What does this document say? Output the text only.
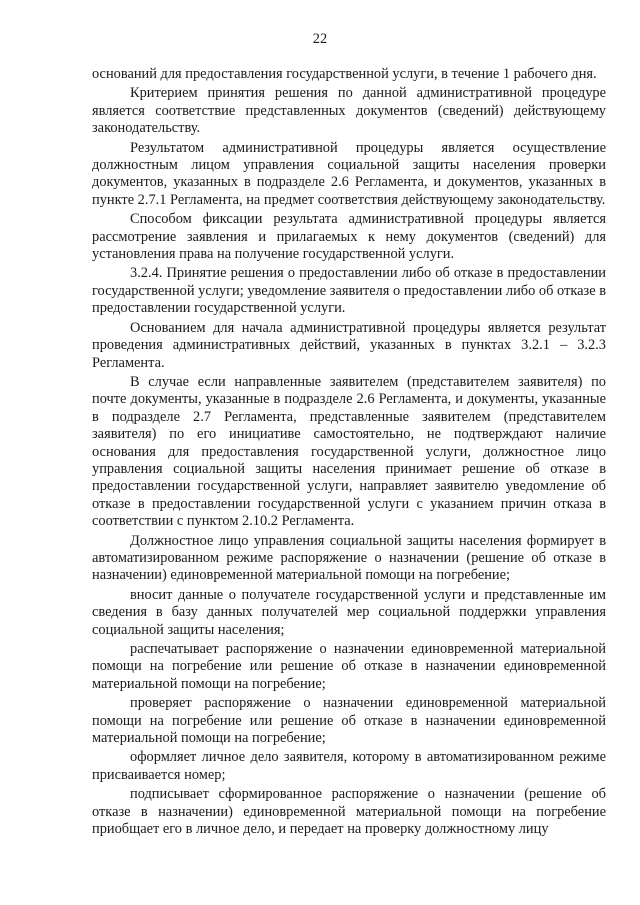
22

оснований для предоставления государственной услуги, в течение 1 рабочего дня.

Критерием принятия решения по данной административной процедуре является соответствие представленных документов (сведений) действующему законодательству.

Результатом административной процедуры является осуществление должностным лицом управления социальной защиты населения проверки документов, указанных в подразделе 2.6 Регламента, и документов, указанных в пункте 2.7.1 Регламента, на предмет соответствия действующему законодательству.

Способом фиксации результата административной процедуры является рассмотрение заявления и прилагаемых к нему документов (сведений) для установления права на получение государственной услуги.

3.2.4. Принятие решения о предоставлении либо об отказе в предоставлении государственной услуги; уведомление заявителя о предоставлении либо об отказе в предоставлении государственной услуги.

Основанием для начала административной процедуры является результат проведения административных действий, указанных в пунктах 3.2.1 – 3.2.3 Регламента.

В случае если направленные заявителем (представителем заявителя) по почте документы, указанные в подразделе 2.6 Регламента, и документы, указанные в подразделе 2.7 Регламента, представленные заявителем (представителем заявителя) по его инициативе самостоятельно, не подтверждают наличие основания для предоставления государственной услуги, должностное лицо управления социальной защиты населения принимает решение об отказе в предоставлении государственной услуги, направляет заявителю уведомление об отказе в предоставлении государственной услуги с указанием причин отказа в соответствии с пунктом 2.10.2 Регламента.

Должностное лицо управления социальной защиты населения формирует в автоматизированном режиме распоряжение о назначении (решение об отказе в назначении) единовременной материальной помощи на погребение;

вносит данные о получателе государственной услуги и представленные им сведения в базу данных получателей мер социальной поддержки управления социальной защиты населения;

распечатывает распоряжение о назначении единовременной материальной помощи на погребение или решение об отказе в назначении единовременной материальной помощи на погребение;

проверяет распоряжение о назначении единовременной материальной помощи на погребение или решение об отказе в назначении единовременной материальной помощи на погребение;

оформляет личное дело заявителя, которому в автоматизированном режиме присваивается номер;

подписывает сформированное распоряжение о назначении (решение об отказе в назначении) единовременной материальной помощи на погребение приобщает его в личное дело, и передает на проверку должностному лицу
